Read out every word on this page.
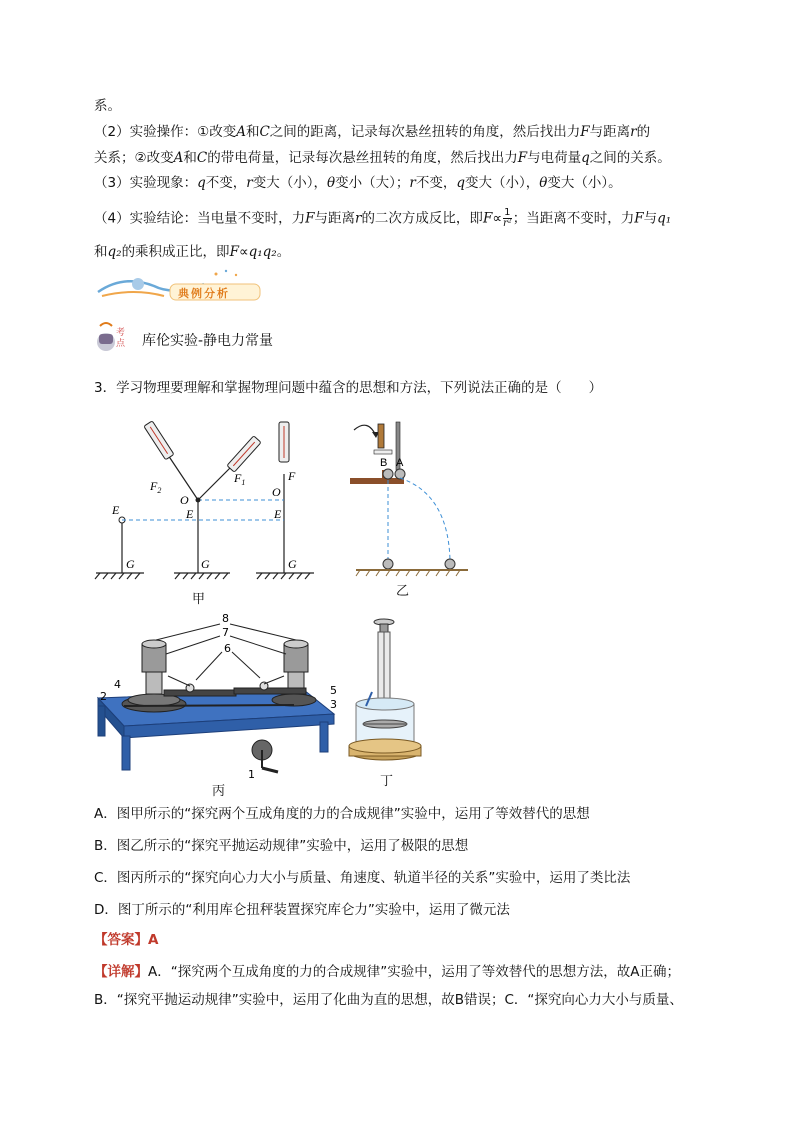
系。
（2）实验操作：①改变A和C之间的距离，记录每次悬丝扭转的角度，然后找出力F与距离r的
关系；②改变A和C的带电荷量，记录每次悬丝扭转的角度，然后找出力F与电荷量q之间的关系。
（3）实验现象：q不变，r变大（小），θ变小（大）；r不变，q变大（小），θ变大（小）。
（4）实验结论：当电量不变时，力F与距离r的二次方成反比，即$F\propto \frac{1}{\text{r²}}$ ；当距离不变时，力F与q₁
和q₂的乘积成正比，即F∝q₁q₂。
典例分析
考点 库伦实验-静电力常量
3．学习物理要理解和掌握物理问题中蕴含的思想和方法，下列说法正确的是（　　）
$F_2$
$F_1$	F
O
O
E	E	E
G	G	G
甲
B A
乙
8
7
6
4
2	5
3
1
丙
丁
A．图甲所示的“探究两个互成角度的力的合成规律”实验中，运用了等效替代的思想
B．图乙所示的“探究平抛运动规律”实验中，运用了极限的思想
C．图丙所示的“探究向心力大小与质量、角速度、轨道半径的关系”实验中，运用了类比法
D．图丁所示的“利用库仑扭秤装置探究库仑力”实验中，运用了微元法
【答案】A
【详解】A．“探究两个互成角度的力的合成规律”实验中，运用了等效替代的思想方法，故A正确；
B．“探究平抛运动规律”实验中，运用了化曲为直的思想，故B错误；C．“探究向心力大小与质量、
